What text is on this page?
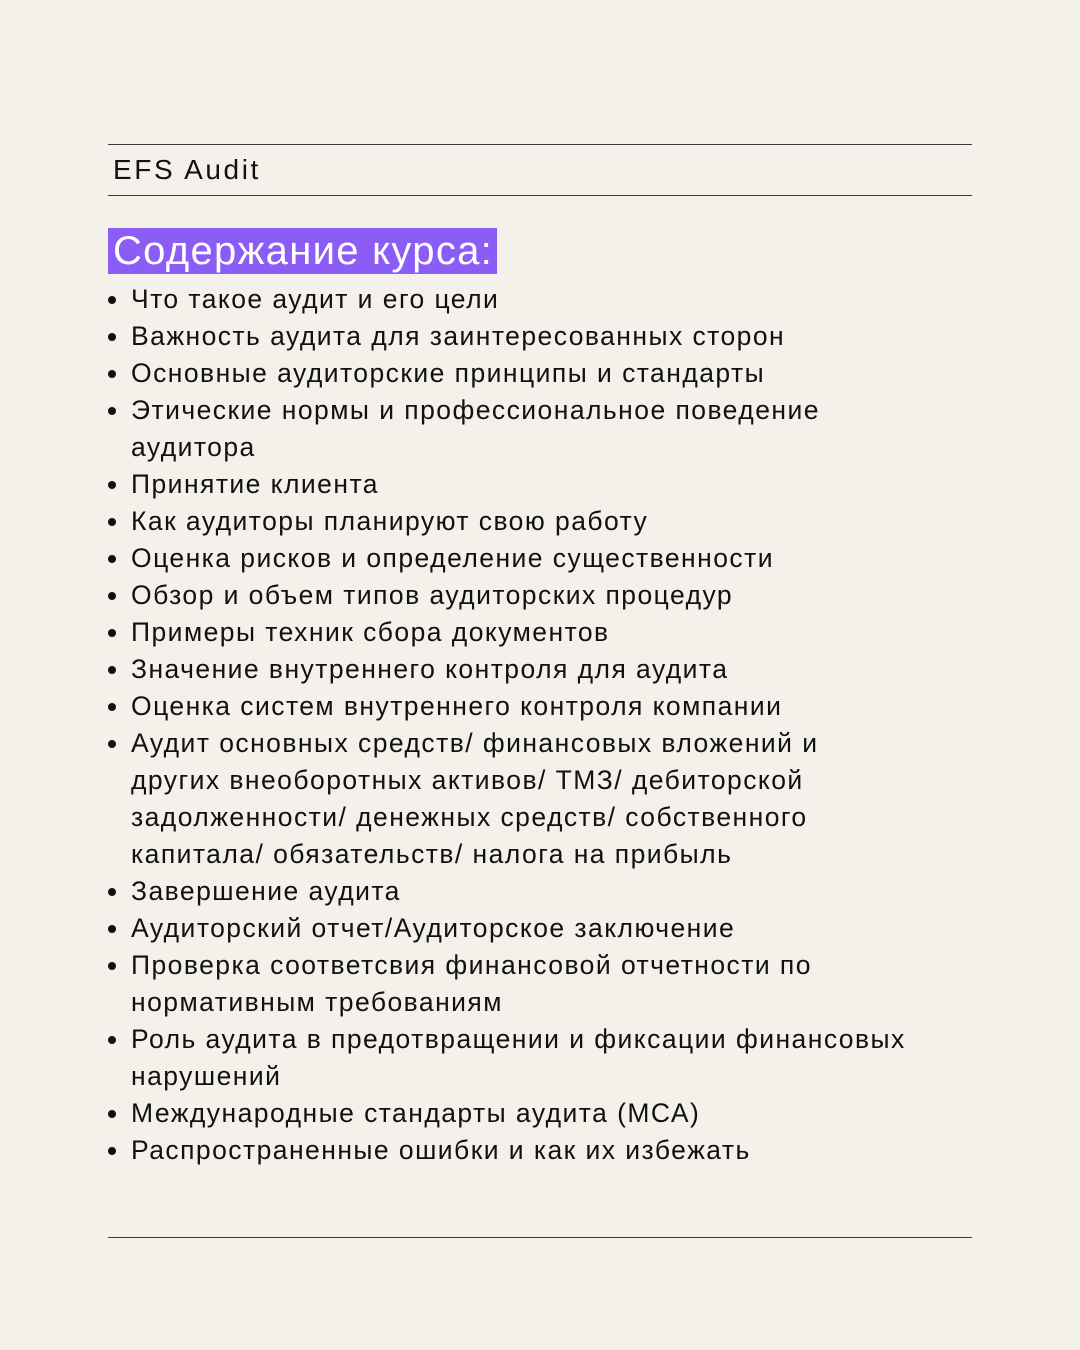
EFS Audit
Содержание курса:
Что такое аудит и его цели
Важность аудита для заинтересованных сторон
Основные аудиторские принципы и стандарты
Этические нормы и профессиональное поведение аудитора
Принятие клиента
Как аудиторы планируют свою работу
Оценка рисков и определение существенности
Обзор и объем типов аудиторских процедур
Примеры техник сбора документов
Значение внутреннего контроля для аудита
Оценка систем внутреннего контроля компании
Аудит основных средств/ финансовых вложений и других внеоборотных активов/ ТМЗ/ дебиторской задолженности/ денежных средств/ собственного капитала/ обязательств/ налога на прибыль
Завершение аудита
Аудиторский отчет/Аудиторское заключение
Проверка соответсвия финансовой отчетности по нормативным требованиям
Роль аудита в предотвращении и фиксации финансовых нарушений
Международные стандарты аудита (МСА)
Распространенные ошибки и как их избежать
